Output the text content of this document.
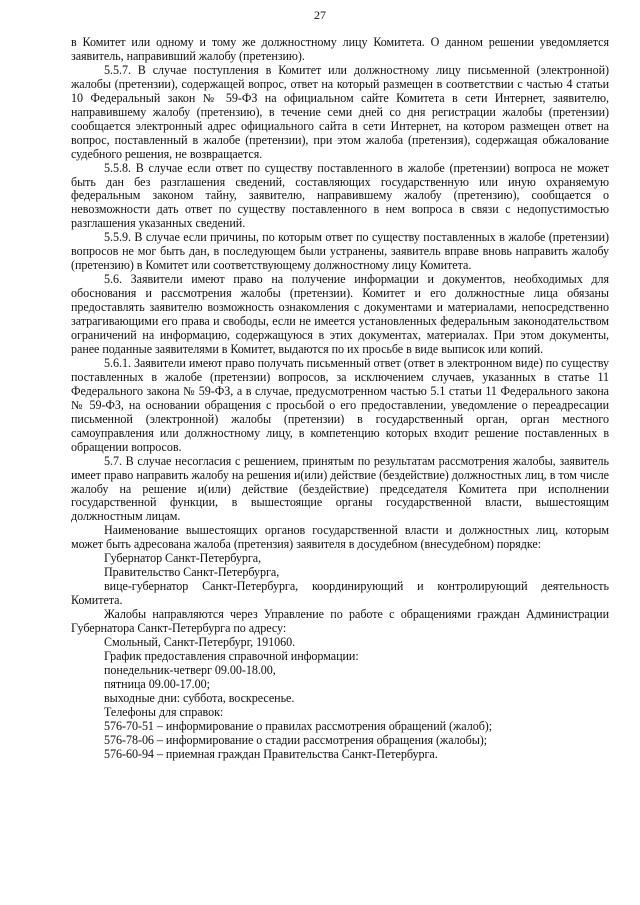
27

в Комитет или одному и тому же должностному лицу Комитета. О данном решении уведомляется заявитель, направивший жалобу (претензию).

5.5.7. В случае поступления в Комитет или должностному лицу письменной (электронной) жалобы (претензии), содержащей вопрос, ответ на который размещен в соответствии с частью 4 статьи 10 Федеральный закон № 59-ФЗ на официальном сайте Комитета в сети Интернет, заявителю, направившему жалобу (претензию), в течение семи дней со дня регистрации жалобы (претензии) сообщается электронный адрес официального сайта в сети Интернет, на котором размещен ответ на вопрос, поставленный в жалобе (претензии), при этом жалоба (претензия), содержащая обжалование судебного решения, не возвращается.

5.5.8. В случае если ответ по существу поставленного в жалобе (претензии) вопроса не может быть дан без разглашения сведений, составляющих государственную или иную охраняемую федеральным законом тайну, заявителю, направившему жалобу (претензию), сообщается о невозможности дать ответ по существу поставленного в нем вопроса в связи с недопустимостью разглашения указанных сведений.

5.5.9. В случае если причины, по которым ответ по существу поставленных в жалобе (претензии) вопросов не мог быть дан, в последующем были устранены, заявитель вправе вновь направить жалобу (претензию) в Комитет или соответствующему должностному лицу Комитета.

5.6. Заявители имеют право на получение информации и документов, необходимых для обоснования и рассмотрения жалобы (претензии). Комитет и его должностные лица обязаны предоставлять заявителю возможность ознакомления с документами и материалами, непосредственно затрагивающими его права и свободы, если не имеется установленных федеральным законодательством ограничений на информацию, содержащуюся в этих документах, материалах. При этом документы, ранее поданные заявителями в Комитет, выдаются по их просьбе в виде выписок или копий.

5.6.1. Заявители имеют право получать письменный ответ (ответ в электронном виде) по существу поставленных в жалобе (претензии) вопросов, за исключением случаев, указанных в статье 11 Федерального закона № 59-ФЗ, а в случае, предусмотренном частью 5.1 статьи 11 Федерального закона № 59-ФЗ, на основании обращения с просьбой о его предоставлении, уведомление о переадресации письменной (электронной) жалобы (претензии) в государственный орган, орган местного самоуправления или должностному лицу, в компетенцию которых входит решение поставленных в обращении вопросов.

5.7. В случае несогласия с решением, принятым по результатам рассмотрения жалобы, заявитель имеет право направить жалобу на решения и(или) действие (бездействие) должностных лиц, в том числе жалобу на решение и(или) действие (бездействие) председателя Комитета при исполнении государственной функции, в вышестоящие органы государственной власти, вышестоящим должностным лицам.

Наименование вышестоящих органов государственной власти и должностных лиц, которым может быть адресована жалоба (претензия) заявителя в досудебном (внесудебном) порядке:

Губернатор Санкт-Петербурга,

Правительство Санкт-Петербурга,

вице-губернатор Санкт-Петербурга, координирующий и контролирующий деятельность Комитета.

Жалобы направляются через Управление по работе с обращениями граждан Администрации Губернатора Санкт-Петербурга по адресу:

Смольный, Санкт-Петербург, 191060.

График предоставления справочной информации:

понедельник-четверг 09.00-18.00,

пятница 09.00-17.00;

выходные дни: суббота, воскресенье.

Телефоны для справок:

576-70-51 – информирование о правилах рассмотрения обращений (жалоб);

576-78-06 – информирование о стадии рассмотрения обращения (жалобы);

576-60-94 – приемная граждан Правительства Санкт-Петербурга.
